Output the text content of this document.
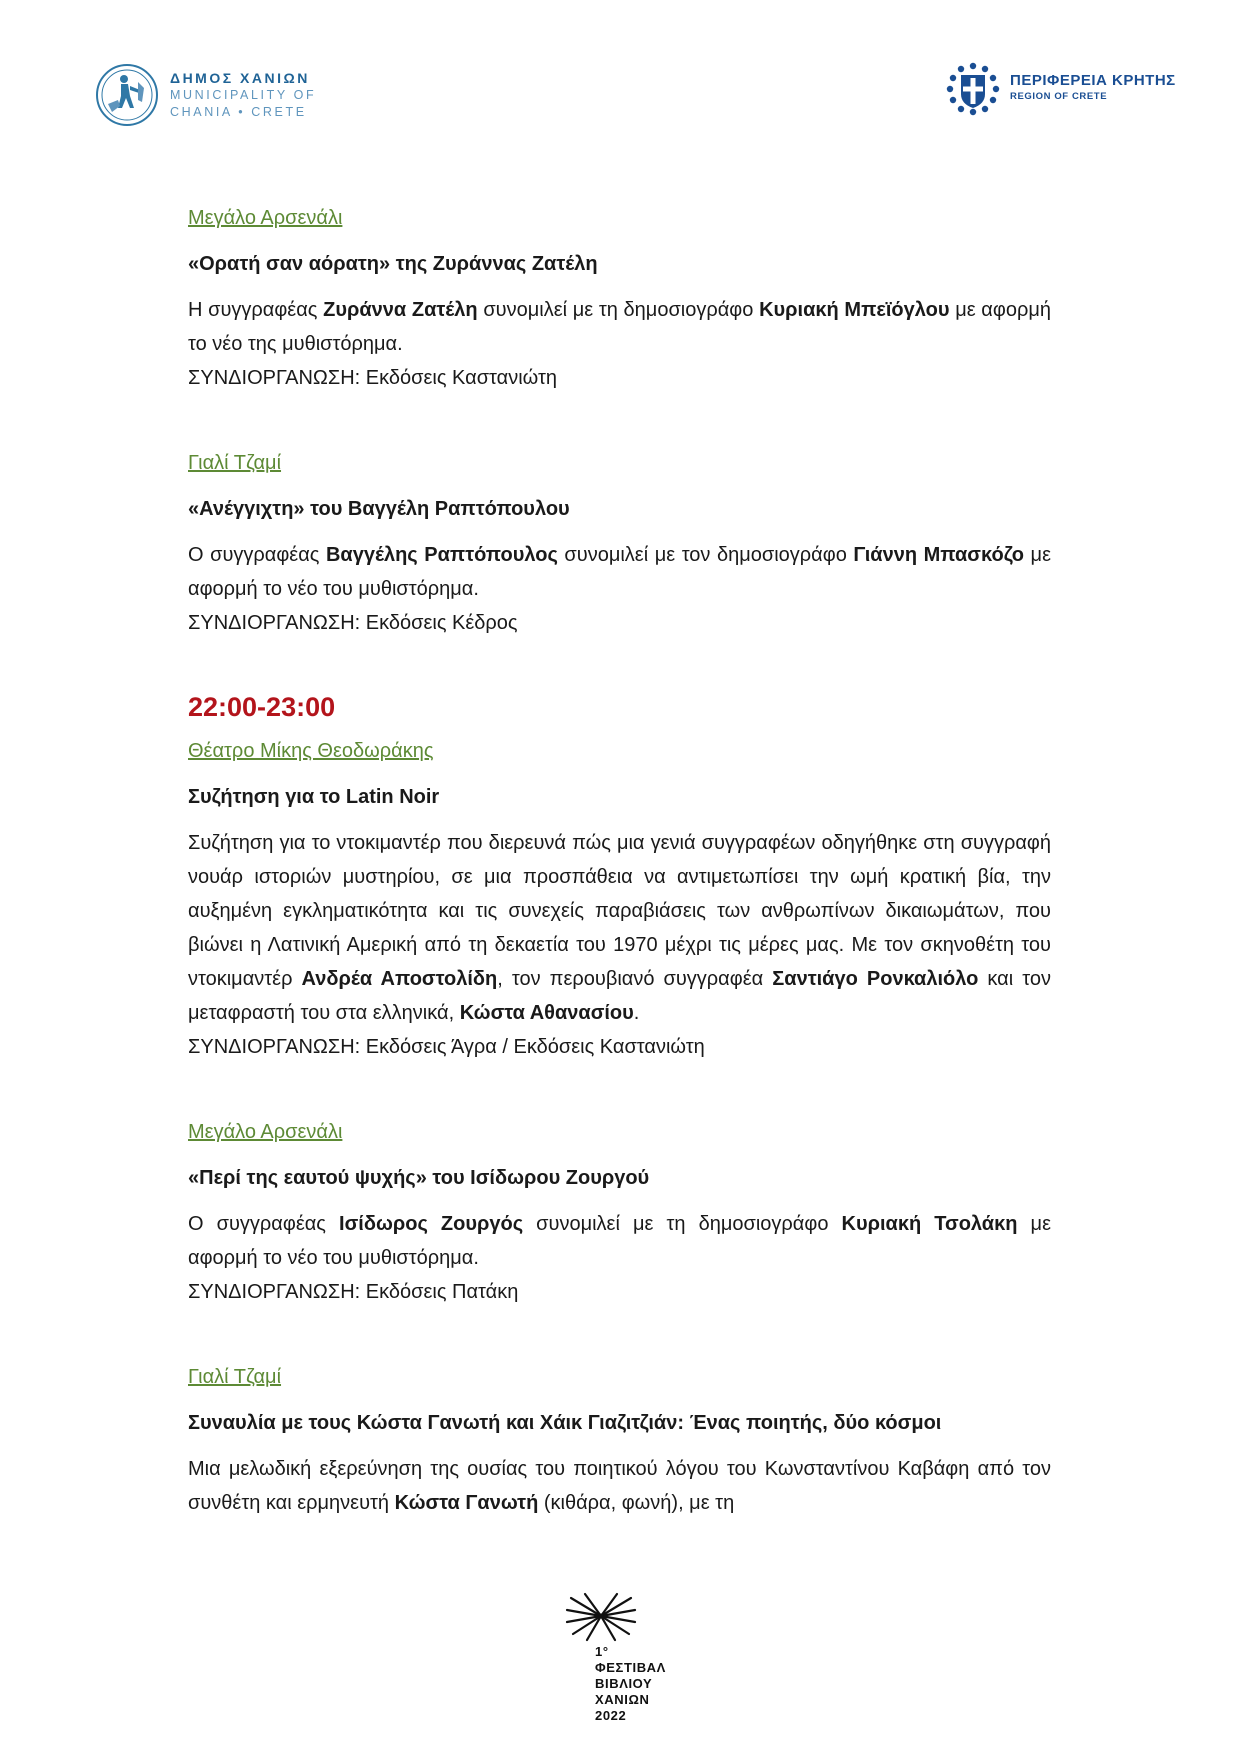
ΔΗΜΟΣ ΧΑΝΙΩΝ
MUNICIPALITY OF
CHANIA • CRETE
ΠΕΡΙΦΕΡΕΙΑ ΚΡΗΤΗΣ
REGION OF CRETE
Μεγάλο Αρσενάλι
«Ορατή σαν αόρατη» της Ζυράννας Ζατέλη

Η συγγραφέας Ζυράννα Ζατέλη συνομιλεί με τη δημοσιογράφο Κυριακή Μπεϊόγλου με αφορμή το νέο της μυθιστόρημα.

ΣΥΝΔΙΟΡΓΑΝΩΣΗ: Εκδόσεις Καστανιώτη
Γιαλί Τζαμί
«Ανέγγιχτη» του Βαγγέλη Ραπτόπουλου

Ο συγγραφέας Βαγγέλης Ραπτόπουλος συνομιλεί με τον δημοσιογράφο Γιάννη Μπασκόζο με αφορμή το νέο του μυθιστόρημα.

ΣΥΝΔΙΟΡΓΑΝΩΣΗ: Εκδόσεις Κέδρος
22:00-23:00
Θέατρο Μίκης Θεοδωράκης
Συζήτηση για το Latin Noir

Συζήτηση για το ντοκιμαντέρ που διερευνά πώς μια γενιά συγγραφέων οδηγήθηκε στη συγγραφή νουάρ ιστοριών μυστηρίου, σε μια προσπάθεια να αντιμετωπίσει την ωμή κρατική βία, την αυξημένη εγκληματικότητα και τις συνεχείς παραβιάσεις των ανθρωπίνων δικαιωμάτων, που βιώνει η Λατινική Αμερική από τη δεκαετία του 1970 μέχρι τις μέρες μας. Με τον σκηνοθέτη του ντοκιμαντέρ Ανδρέα Αποστολίδη, τον περουβιανό συγγραφέα Σαντιάγο Ρονκαλιόλο και τον μεταφραστή του στα ελληνικά, Κώστα Αθανασίου.

ΣΥΝΔΙΟΡΓΑΝΩΣΗ: Εκδόσεις Άγρα / Εκδόσεις Καστανιώτη
Μεγάλο Αρσενάλι
«Περί της εαυτού ψυχής» του Ισίδωρου Ζουργού

Ο συγγραφέας Ισίδωρος Ζουργός συνομιλεί με τη δημοσιογράφο Κυριακή Τσολάκη με αφορμή το νέο του μυθιστόρημα.

ΣΥΝΔΙΟΡΓΑΝΩΣΗ: Εκδόσεις Πατάκη
Γιαλί Τζαμί
Συναυλία με τους Κώστα Γανωτή και Χάικ Γιαζιτζιάν: Ένας ποιητής, δύο κόσμοι

Μια μελωδική εξερεύνηση της ουσίας του ποιητικού λόγου του Κωνσταντίνου Καβάφη από τον συνθέτη και ερμηνευτή Κώστα Γανωτή (κιθάρα, φωνή), με τη

1°
ΦΕΣΤΙΒΑΛ
ΒΙΒΛΙΟΥ
ΧΑΝΙΩΝ
2022
